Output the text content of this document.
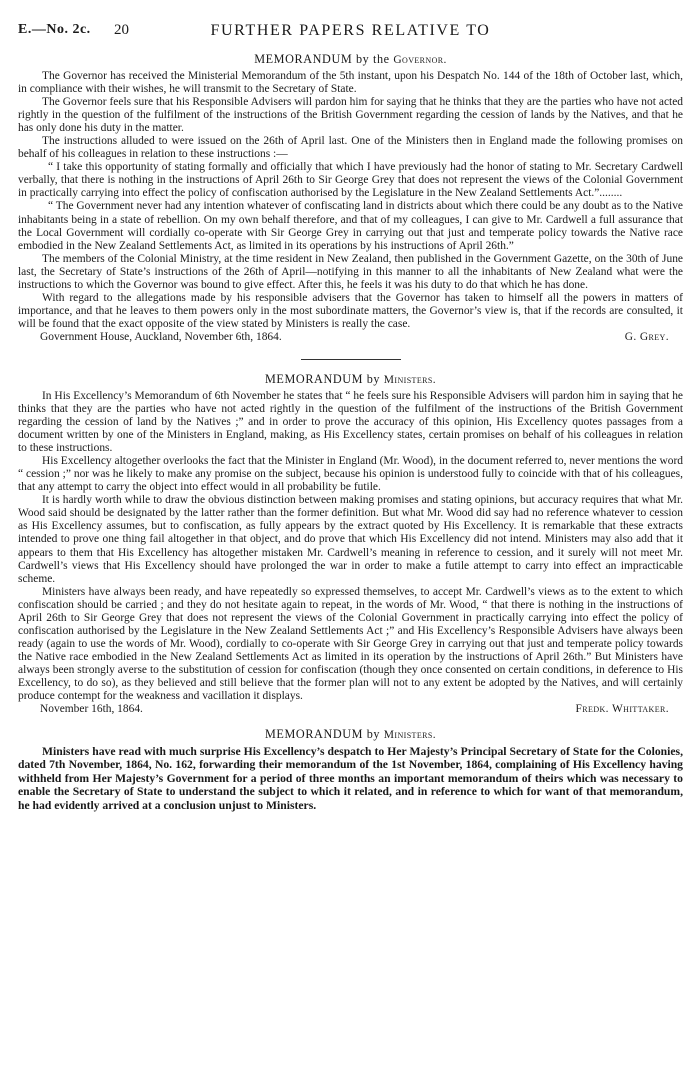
E.—No. 2c. 20	FURTHER PAPERS RELATIVE TO
MEMORANDUM by the Governor.

The Governor has received the Ministerial Memorandum of the 5th instant, upon his Despatch No. 144 of the 18th of October last, which, in compliance with their wishes, he will transmit to the Secretary of State.

The Governor feels sure that his Responsible Advisers will pardon him for saying that he thinks that they are the parties who have not acted rightly in the question of the fulfilment of the instructions of the British Government regarding the cession of lands by the Natives, and that he has only done his duty in the matter.

The instructions alluded to were issued on the 26th of April last. One of the Ministers then in England made the following promises on behalf of his colleagues in relation to these instructions :—

“ I take this opportunity of stating formally and officially that which I have previously had the honor of stating to Mr. Secretary Cardwell verbally, that there is nothing in the instructions of April 26th to Sir George Grey that does not represent the views of the Colonial Government in practically carrying into effect the policy of confiscation authorised by the Legislature in the New Zealand Settlements Act.”........

“ The Government never had any intention whatever of confiscating land in districts about which there could be any doubt as to the Native inhabitants being in a state of rebellion. On my own behalf therefore, and that of my colleagues, I can give to Mr. Cardwell a full assurance that the Local Government will cordially co-operate with Sir George Grey in carrying out that just and temperate policy towards the Native race embodied in the New Zealand Settlements Act, as limited in its operations by his instructions of April 26th.”

The members of the Colonial Ministry, at the time resident in New Zealand, then published in the Government Gazette, on the 30th of June last, the Secretary of State’s instructions of the 26th of April—notifying in this manner to all the inhabitants of New Zealand what were the instructions to which the Governor was bound to give effect. After this, he feels it was his duty to do that which he has done.

With regard to the allegations made by his responsible advisers that the Governor has taken to himself all the powers in matters of importance, and that he leaves to them powers only in the most subordinate matters, the Governor’s view is, that if the records are consulted, it will be found that the exact opposite of the view stated by Ministers is really the case.

Government House, Auckland, November 6th, 1864.	G. Grey.
MEMORANDUM by Ministers.

In His Excellency’s Memorandum of 6th November he states that “ he feels sure his Responsible Advisers will pardon him in saying that he thinks that they are the parties who have not acted rightly in the question of the fulfilment of the instructions of the British Government regarding the cession of land by the Natives ;” and in order to prove the accuracy of this opinion, His Excellency quotes passages from a document written by one of the Ministers in England, making, as His Excellency states, certain promises on behalf of his colleagues in relation to these instructions.

His Excellency altogether overlooks the fact that the Minister in England (Mr. Wood), in the document referred to, never mentions the word “ cession ;” nor was he likely to make any promise on the subject, because his opinion is understood fully to coincide with that of his colleagues, that any attempt to carry the object into effect would in all probability be futile.

It is hardly worth while to draw the obvious distinction between making promises and stating opinions, but accuracy requires that what Mr. Wood said should be designated by the latter rather than the former definition. But what Mr. Wood did say had no reference whatever to cession as His Excellency assumes, but to confiscation, as fully appears by the extract quoted by His Excellency. It is remarkable that these extracts intended to prove one thing fail altogether in that object, and do prove that which His Excellency did not intend. Ministers may also add that it appears to them that His Excellency has altogether mistaken Mr. Cardwell’s meaning in reference to cession, and it surely will not meet Mr. Cardwell’s views that His Excellency should have prolonged the war in order to make a futile attempt to carry into effect an impracticable scheme.

Ministers have always been ready, and have repeatedly so expressed themselves, to accept Mr. Cardwell’s views as to the extent to which confiscation should be carried ; and they do not hesitate again to repeat, in the words of Mr. Wood, “ that there is nothing in the instructions of April 26th to Sir George Grey that does not represent the views of the Colonial Government in practically carrying into effect the policy of confiscation authorised by the Legislature in the New Zealand Settlements Act ;” and His Excellency’s Responsible Advisers have always been ready (again to use the words of Mr. Wood), cordially to co-operate with Sir George Grey in carrying out that just and temperate policy towards the Native race embodied in the New Zealand Settlements Act as limited in its operation by the instructions of April 26th.” But Ministers have always been strongly averse to the substitution of cession for confiscation (though they once consented on certain conditions, in deference to His Excellency, to do so), as they believed and still believe that the former plan will not to any extent be adopted by the Natives, and will certainly produce contempt for the weakness and vacillation it displays.

November 16th, 1864.	Fredk. Whittaker.
MEMORANDUM by Ministers.

Ministers have read with much surprise His Excellency’s despatch to Her Majesty’s Principal Secretary of State for the Colonies, dated 7th November, 1864, No. 162, forwarding their memorandum of the 1st November, 1864, complaining of His Excellency having withheld from Her Majesty’s Government for a period of three months an important memorandum of theirs which was necessary to enable the Secretary of State to understand the subject to which it related, and in reference to which for want of that memorandum, he had evidently arrived at a conclusion unjust to Ministers.
